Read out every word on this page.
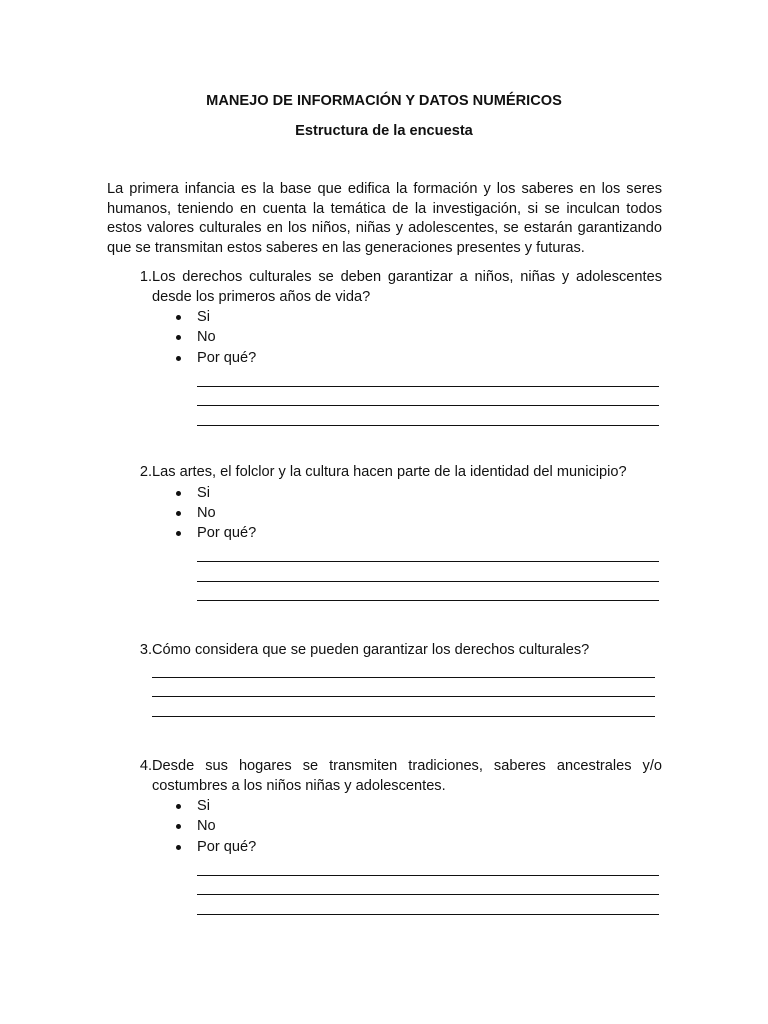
MANEJO DE INFORMACIÓN Y DATOS NUMÉRICOS
Estructura de la encuesta

La primera infancia es la base que edifica la formación y los saberes en los seres humanos, teniendo en cuenta la temática de la investigación, si se inculcan todos estos valores culturales en los niños, niñas y adolescentes, se estarán garantizando que se transmitan estos saberes en las generaciones presentes y futuras.

1. Los derechos culturales se deben garantizar a niños, niñas y adolescentes desde los primeros años de vida?
Si
No
Por qué?
2. Las artes, el folclor y la cultura hacen parte de la identidad del municipio?
Si
No
Por qué?
3. Cómo considera que se pueden garantizar los derechos culturales?
4. Desde sus hogares se transmiten tradiciones, saberes ancestrales y/o costumbres a los niños niñas y adolescentes.
Si
No
Por qué?
